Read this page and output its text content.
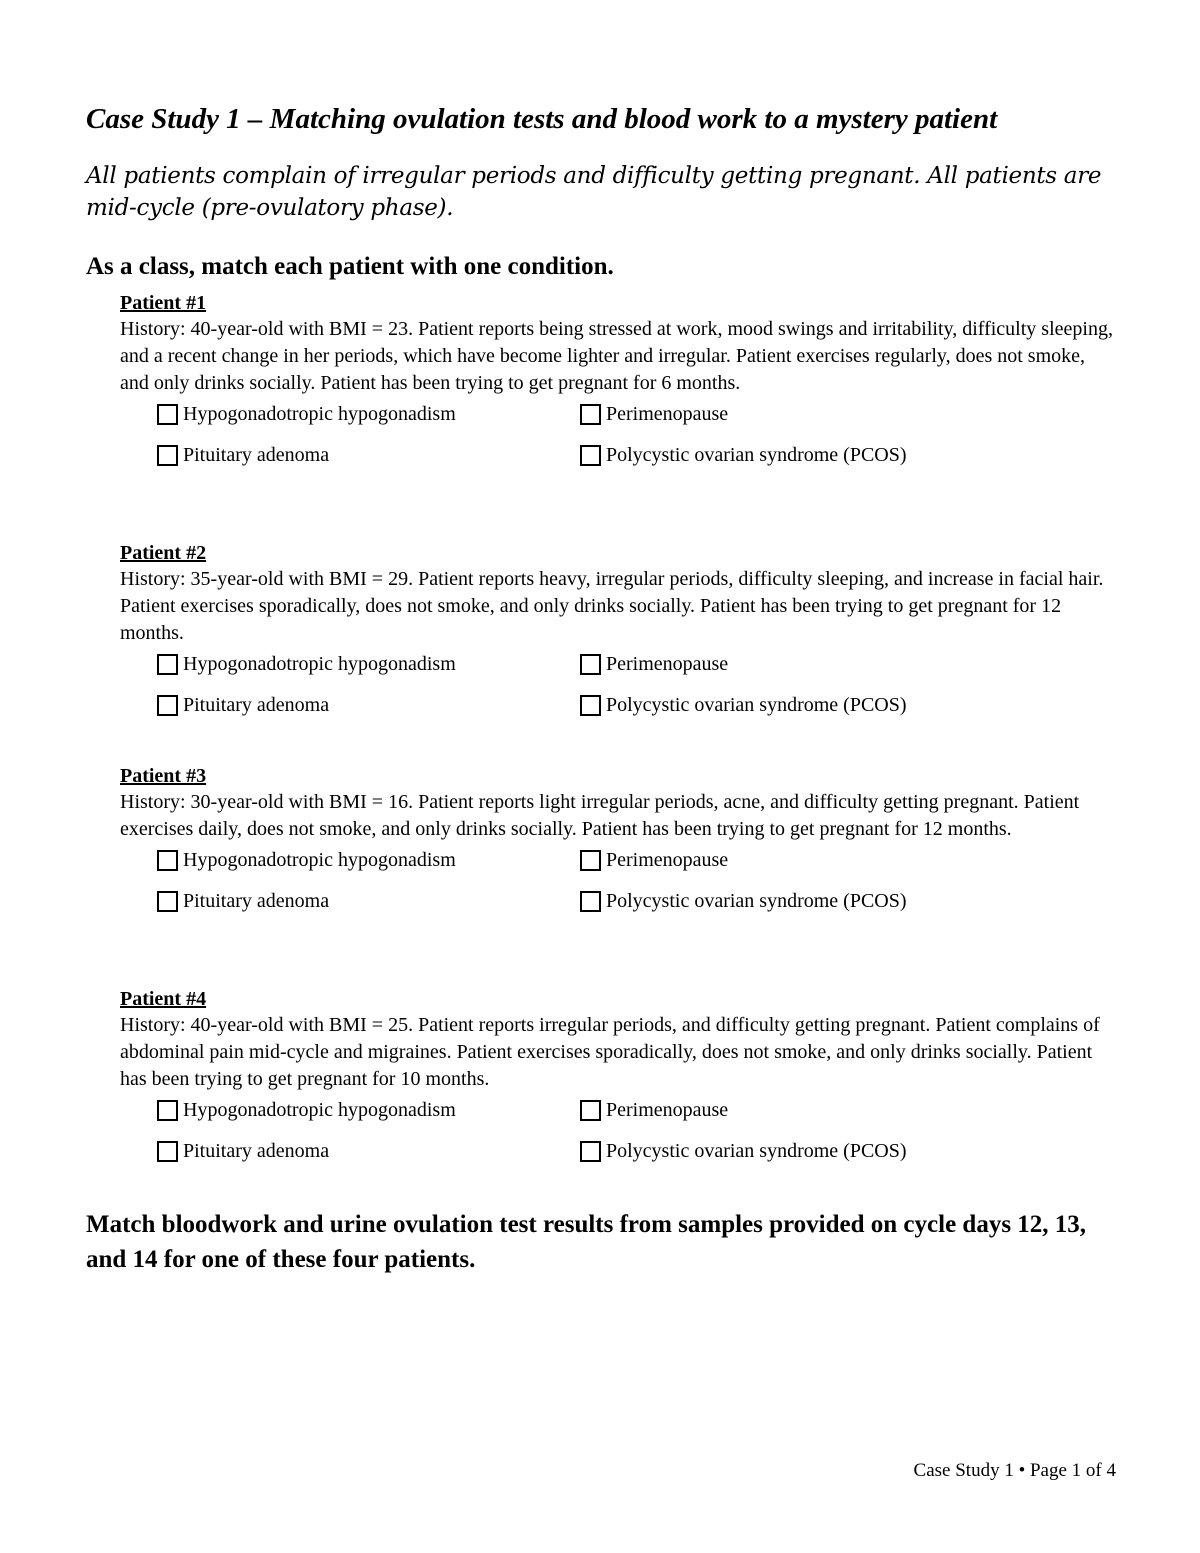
Case Study 1 – Matching ovulation tests and blood work to a mystery patient

All patients complain of irregular periods and difficulty getting pregnant. All patients are mid-cycle (pre-ovulatory phase).

As a class, match each patient with one condition.
Patient #1

History: 40-year-old with BMI = 23. Patient reports being stressed at work, mood swings and irritability, difficulty sleeping, and a recent change in her periods, which have become lighter and irregular. Patient exercises regularly, does not smoke, and only drinks socially. Patient has been trying to get pregnant for 6 months.

Hypogonadotropic hypogonadism	Perimenopause
Pituitary adenoma	Polycystic ovarian syndrome (PCOS)
Patient #2

History: 35-year-old with BMI = 29. Patient reports heavy, irregular periods, difficulty sleeping, and increase in facial hair. Patient exercises sporadically, does not smoke, and only drinks socially. Patient has been trying to get pregnant for 12 months.

Hypogonadotropic hypogonadism	Perimenopause
Pituitary adenoma	Polycystic ovarian syndrome (PCOS)
Patient #3

History: 30-year-old with BMI = 16. Patient reports light irregular periods, acne, and difficulty getting pregnant. Patient exercises daily, does not smoke, and only drinks socially. Patient has been trying to get pregnant for 12 months.

Hypogonadotropic hypogonadism	Perimenopause
Pituitary adenoma	Polycystic ovarian syndrome (PCOS)
Patient #4

History: 40-year-old with BMI = 25. Patient reports irregular periods, and difficulty getting pregnant. Patient complains of abdominal pain mid-cycle and migraines. Patient exercises sporadically, does not smoke, and only drinks socially. Patient has been trying to get pregnant for 10 months.

Hypogonadotropic hypogonadism	Perimenopause
Pituitary adenoma	Polycystic ovarian syndrome (PCOS)

Match bloodwork and urine ovulation test results from samples provided on cycle days 12, 13, and 14 for one of these four patients.

Case Study 1 • Page 1 of 4
